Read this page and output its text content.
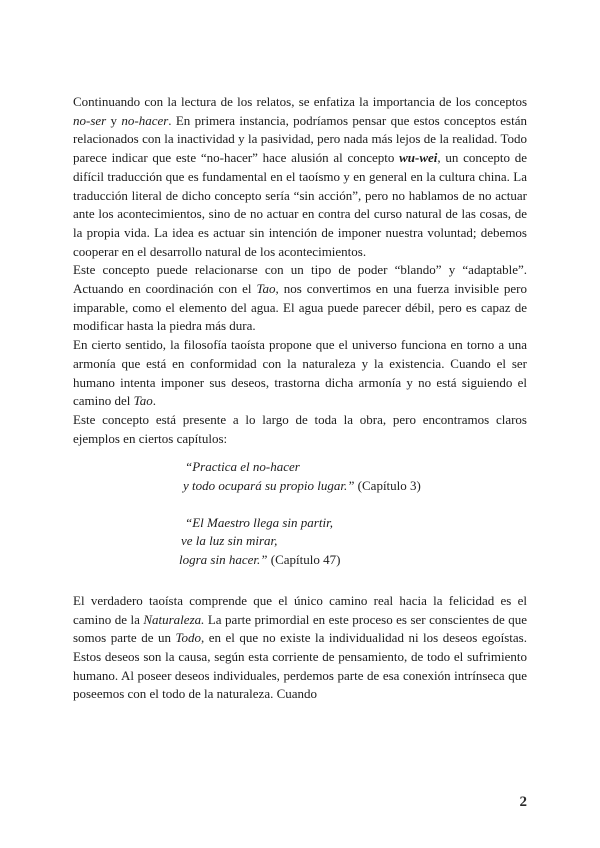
Continuando con la lectura de los relatos, se enfatiza la importancia de los conceptos no-ser y no-hacer. En primera instancia, podríamos pensar que estos conceptos están relacionados con la inactividad y la pasividad, pero nada más lejos de la realidad. Todo parece indicar que este “no-hacer” hace alusión al concepto wu-wei, un concepto de difícil traducción que es fundamental en el taoísmo y en general en la cultura china. La traducción literal de dicho concepto sería “sin acción”, pero no hablamos de no actuar ante los acontecimientos, sino de no actuar en contra del curso natural de las cosas, de la propia vida. La idea es actuar sin intención de imponer nuestra voluntad; debemos cooperar en el desarrollo natural de los acontecimientos.

Este concepto puede relacionarse con un tipo de poder “blando” y “adaptable”. Actuando en coordinación con el Tao, nos convertimos en una fuerza invisible pero imparable, como el elemento del agua. El agua puede parecer débil, pero es capaz de modificar hasta la piedra más dura.

En cierto sentido, la filosofía taoísta propone que el universo funciona en torno a una armonía que está en conformidad con la naturaleza y la existencia. Cuando el ser humano intenta imponer sus deseos, trastorna dicha armonía y no está siguiendo el camino del Tao.

Este concepto está presente a lo largo de toda la obra, pero encontramos claros ejemplos en ciertos capítulos:

“Practica el no-hacer
y todo ocupará su propio lugar.” (Capítulo 3)
“El Maestro llega sin partir,
ve la luz sin mirar,
logra sin hacer.” (Capítulo 47)

El verdadero taoísta comprende que el único camino real hacia la felicidad es el camino de la Naturaleza. La parte primordial en este proceso es ser conscientes de que somos parte de un Todo, en el que no existe la individualidad ni los deseos egoístas. Estos deseos son la causa, según esta corriente de pensamiento, de todo el sufrimiento humano. Al poseer deseos individuales, perdemos parte de esa conexión intrínseca que poseemos con el todo de la naturaleza. Cuando

2
